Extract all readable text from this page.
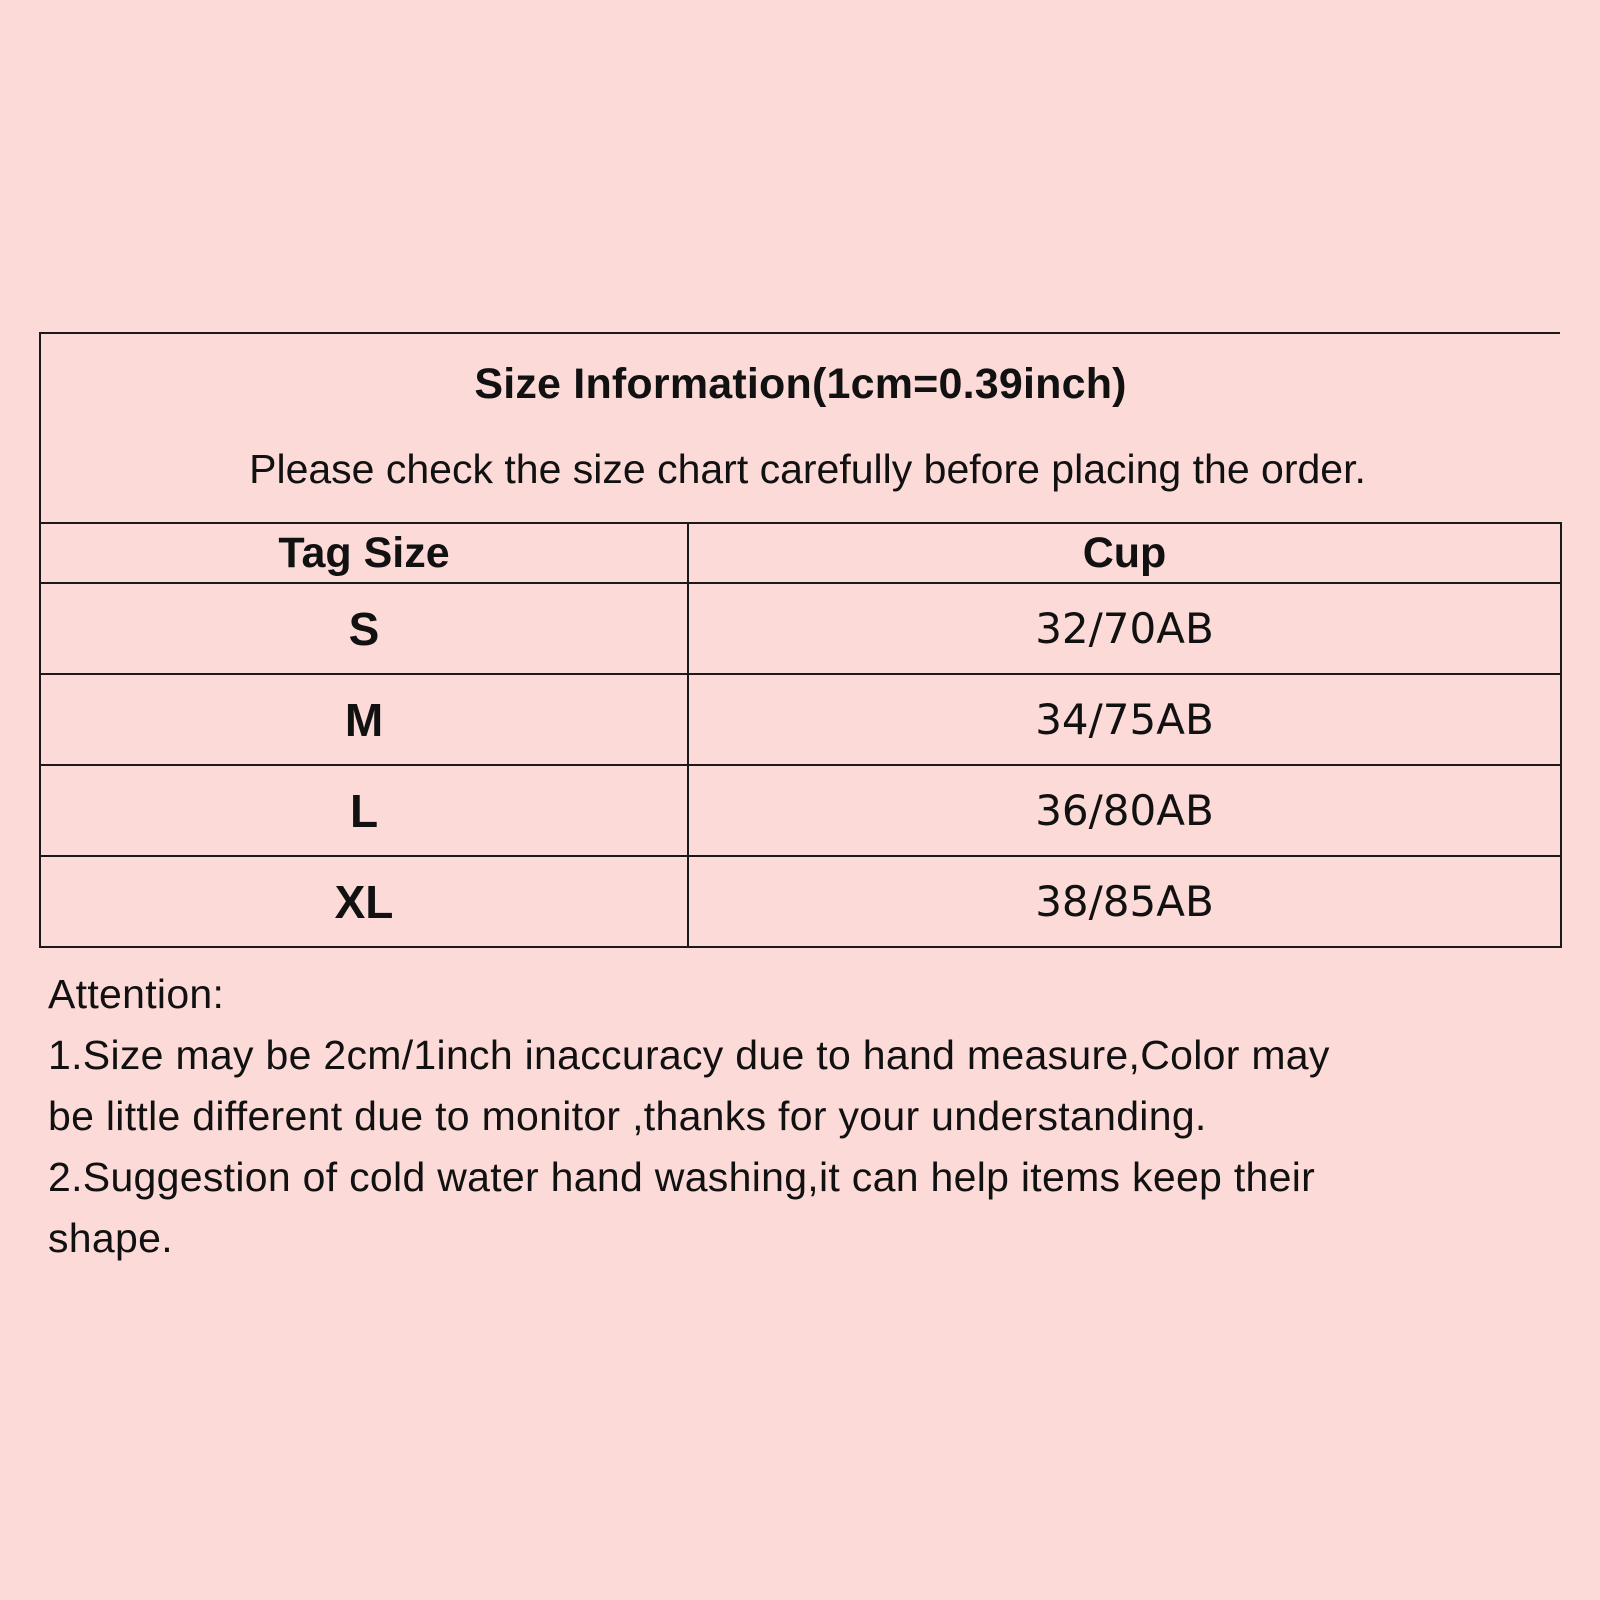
Size Information(1cm=0.39inch)
Please check the size chart carefully before placing the order.
Tag Size	Cup
S	32/70AB
M	34/75AB
L	36/80AB
XL	38/85AB
Attention:
1.Size may be 2cm/1inch inaccuracy due to hand measure,Color may
be little different due to monitor ,thanks for your understanding.
2.Suggestion of cold water hand washing,it can help items keep their
shape.
